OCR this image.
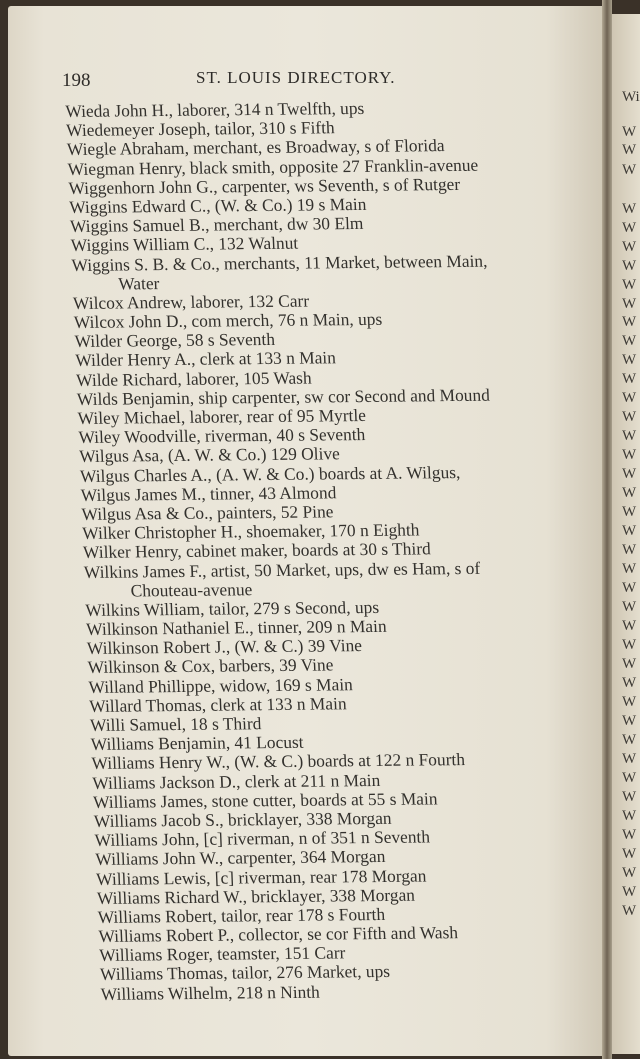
198	ST. LOUIS DIRECTORY.
Wieda John H., laborer, 314 n Twelfth, ups
Wiedemeyer Joseph, tailor, 310 s Fifth
Wiegle Abraham, merchant, es Broadway, s of Florida
Wiegman Henry, black smith, opposite 27 Franklin-avenue
Wiggenhorn John G., carpenter, ws Seventh, s of Rutger
Wiggins Edward C., (W. & Co.) 19 s Main
Wiggins Samuel B., merchant, dw 30 Elm
Wiggins William C., 132 Walnut
Wiggins S. B. & Co., merchants, 11 Market, between Main,
Water
Wilcox Andrew, laborer, 132 Carr
Wilcox John D., com merch, 76 n Main, ups
Wilder George, 58 s Seventh
Wilder Henry A., clerk at 133 n Main
Wilde Richard, laborer, 105 Wash
Wilds Benjamin, ship carpenter, sw cor Second and Mound
Wiley Michael, laborer, rear of 95 Myrtle
Wiley Woodville, riverman, 40 s Seventh
Wilgus Asa, (A. W. & Co.) 129 Olive
Wilgus Charles A., (A. W. & Co.) boards at A. Wilgus,
Wilgus James M., tinner, 43 Almond
Wilgus Asa & Co., painters, 52 Pine
Wilker Christopher H., shoemaker, 170 n Eighth
Wilker Henry, cabinet maker, boards at 30 s Third
Wilkins James F., artist, 50 Market, ups, dw es Ham, s of
Chouteau-avenue
Wilkins William, tailor, 279 s Second, ups
Wilkinson Nathaniel E., tinner, 209 n Main
Wilkinson Robert J., (W. & C.) 39 Vine
Wilkinson & Cox, barbers, 39 Vine
Willand Phillippe, widow, 169 s Main
Willard Thomas, clerk at 133 n Main
Willi Samuel, 18 s Third
Williams Benjamin, 41 Locust
Williams Henry W., (W. & C.) boards at 122 n Fourth
Williams Jackson D., clerk at 211 n Main
Williams James, stone cutter, boards at 55 s Main
Williams Jacob S., bricklayer, 338 Morgan
Williams John, [c] riverman, n of 351 n Seventh
Williams John W., carpenter, 364 Morgan
Williams Lewis, [c] riverman, rear 178 Morgan
Williams Richard W., bricklayer, 338 Morgan
Williams Robert, tailor, rear 178 s Fourth
Williams Robert P., collector, se cor Fifth and Wash
Williams Roger, teamster, 151 Carr
Williams Thomas, tailor, 276 Market, ups
Williams Wilhelm, 218 n Ninth
Wi
W
W
W
W
W
W
W
W
W
W
W
W
W
W
W
W
W
W
W
W
W
W
W
W
W
W
W
W
W
W
W
W
W
W
W
W
W
W
W
W
W
